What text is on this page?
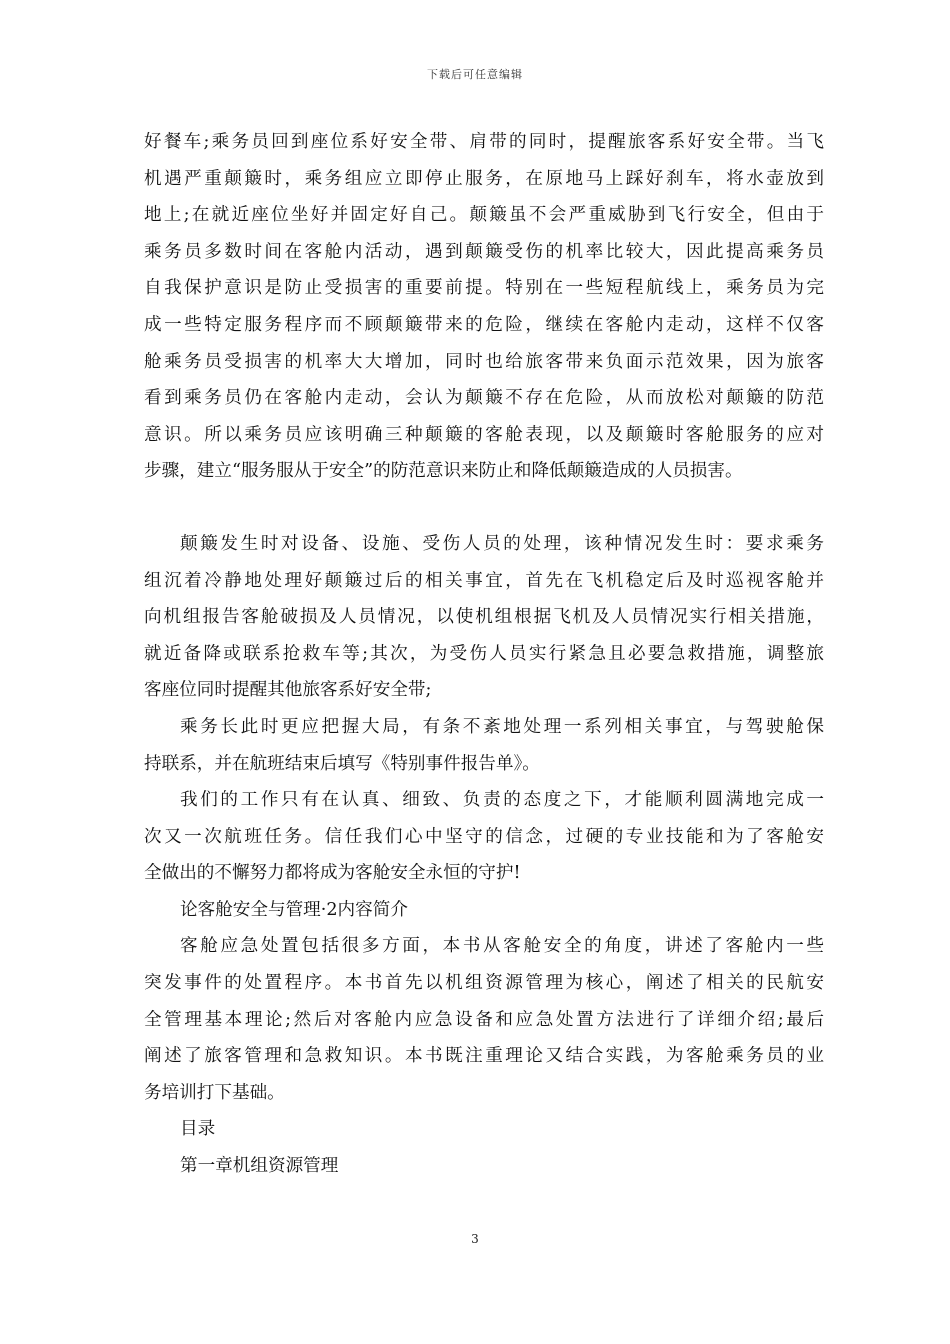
下载后可任意编辑
好餐车;乘务员回到座位系好安全带、肩带的同时，提醒旅客系好安全带。当飞
机遇严重颠簸时，乘务组应立即停止服务，在原地马上踩好刹车，将水壶放到
地上;在就近座位坐好并固定好自己。颠簸虽不会严重威胁到飞行安全，但由于
乘务员多数时间在客舱内活动，遇到颠簸受伤的机率比较大，因此提高乘务员
自我保护意识是防止受损害的重要前提。特别在一些短程航线上，乘务员为完
成一些特定服务程序而不顾颠簸带来的危险，继续在客舱内走动，这样不仅客
舱乘务员受损害的机率大大增加，同时也给旅客带来负面示范效果，因为旅客
看到乘务员仍在客舱内走动，会认为颠簸不存在危险，从而放松对颠簸的防范
意识。所以乘务员应该明确三种颠簸的客舱表现，以及颠簸时客舱服务的应对
步骤，建立“服务服从于安全”的防范意识来防止和降低颠簸造成的人员损害。
颠簸发生时对设备、设施、受伤人员的处理，该种情况发生时：要求乘务
组沉着冷静地处理好颠簸过后的相关事宜，首先在飞机稳定后及时巡视客舱并
向机组报告客舱破损及人员情况，以使机组根据飞机及人员情况实行相关措施，
就近备降或联系抢救车等;其次，为受伤人员实行紧急且必要急救措施，调整旅
客座位同时提醒其他旅客系好安全带;
乘务长此时更应把握大局，有条不紊地处理一系列相关事宜，与驾驶舱保
持联系，并在航班结束后填写《特别事件报告单》。
我们的工作只有在认真、细致、负责的态度之下，才能顺利圆满地完成一
次又一次航班任务。信任我们心中坚守的信念，过硬的专业技能和为了客舱安
全做出的不懈努力都将成为客舱安全永恒的守护!
论客舱安全与管理·2内容简介
客舱应急处置包括很多方面，本书从客舱安全的角度，讲述了客舱内一些
突发事件的处置程序。本书首先以机组资源管理为核心，阐述了相关的民航安
全管理基本理论;然后对客舱内应急设备和应急处置方法进行了详细介绍;最后
阐述了旅客管理和急救知识。本书既注重理论又结合实践，为客舱乘务员的业
务培训打下基础。
目录
第一章机组资源管理
3
